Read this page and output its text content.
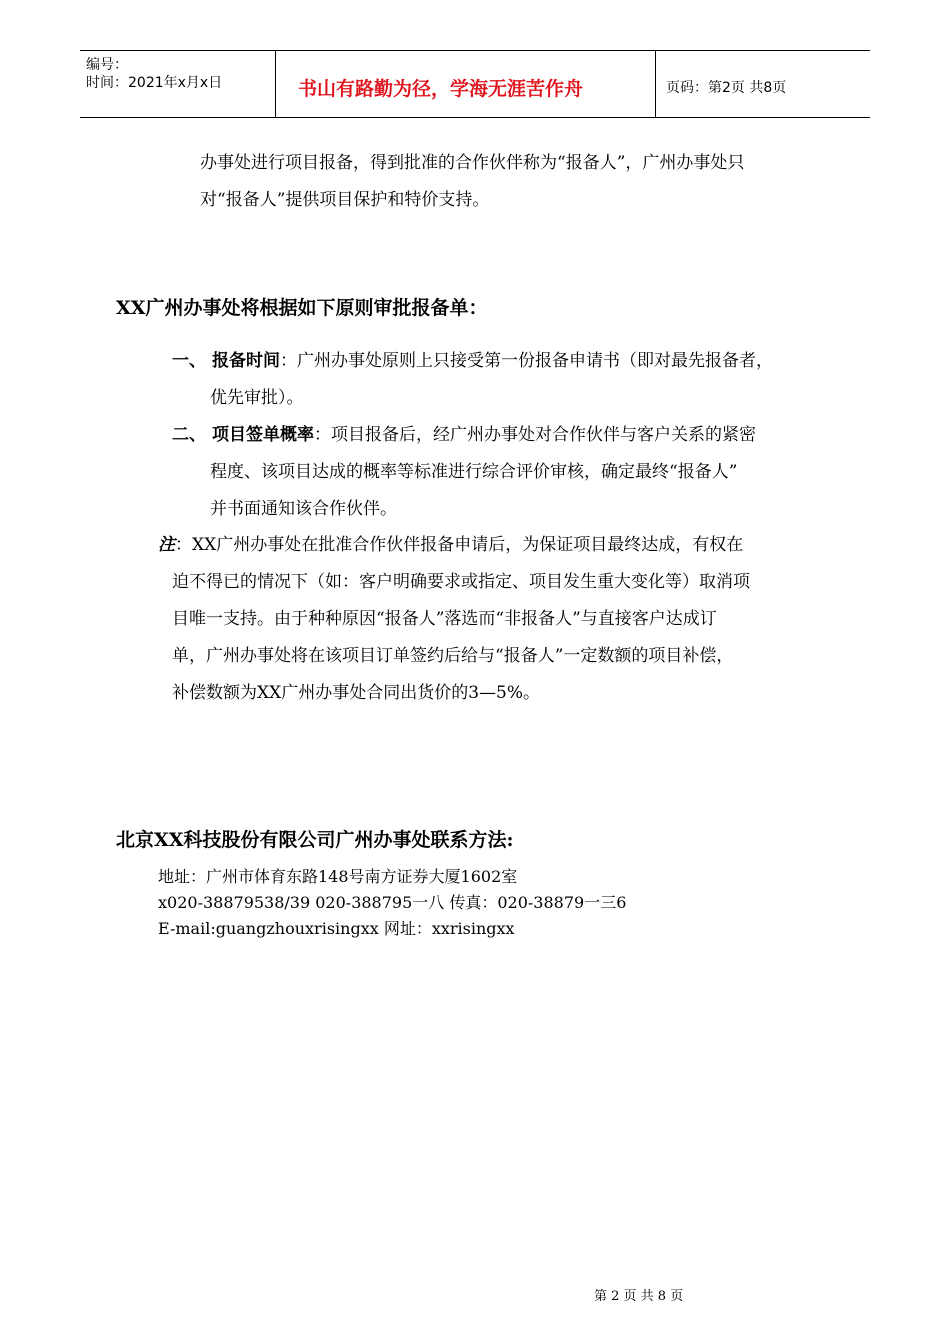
编号：
时间：2021年x月x日	书山有路勤为径，学海无涯苦作舟	页码：第2页 共8页
办事处进行项目报备，得到批准的合作伙伴称为“报备人”，广州办事处只
对“报备人”提供项目保护和特价支持。
XX广州办事处将根据如下原则审批报备单：
一、 报备时间：广州办事处原则上只接受第一份报备申请书（即对最先报备者，
优先审批）。
二、 项目签单概率：项目报备后，经广州办事处对合作伙伴与客户关系的紧密
程度、该项目达成的概率等标准进行综合评价审核，确定最终“报备人”
并书面通知该合作伙伴。
注：XX广州办事处在批准合作伙伴报备申请后，为保证项目最终达成，有权在
迫不得已的情况下（如：客户明确要求或指定、项目发生重大变化等）取消项
目唯一支持。由于种种原因“报备人”落选而“非报备人”与直接客户达成订
单，广州办事处将在该项目订单签约后给与“报备人”一定数额的项目补偿，
补偿数额为XX广州办事处合同出货价的3—5%。
北京XX科技股份有限公司广州办事处联系方法:
地址：广州市体育东路148号南方证券大厦1602室
x020-38879538/39 020-388795一八 传真：020-38879一三6
E-mail:guangzhouxrisingxx 网址：xxrisingxx
第 2 页 共 8 页
